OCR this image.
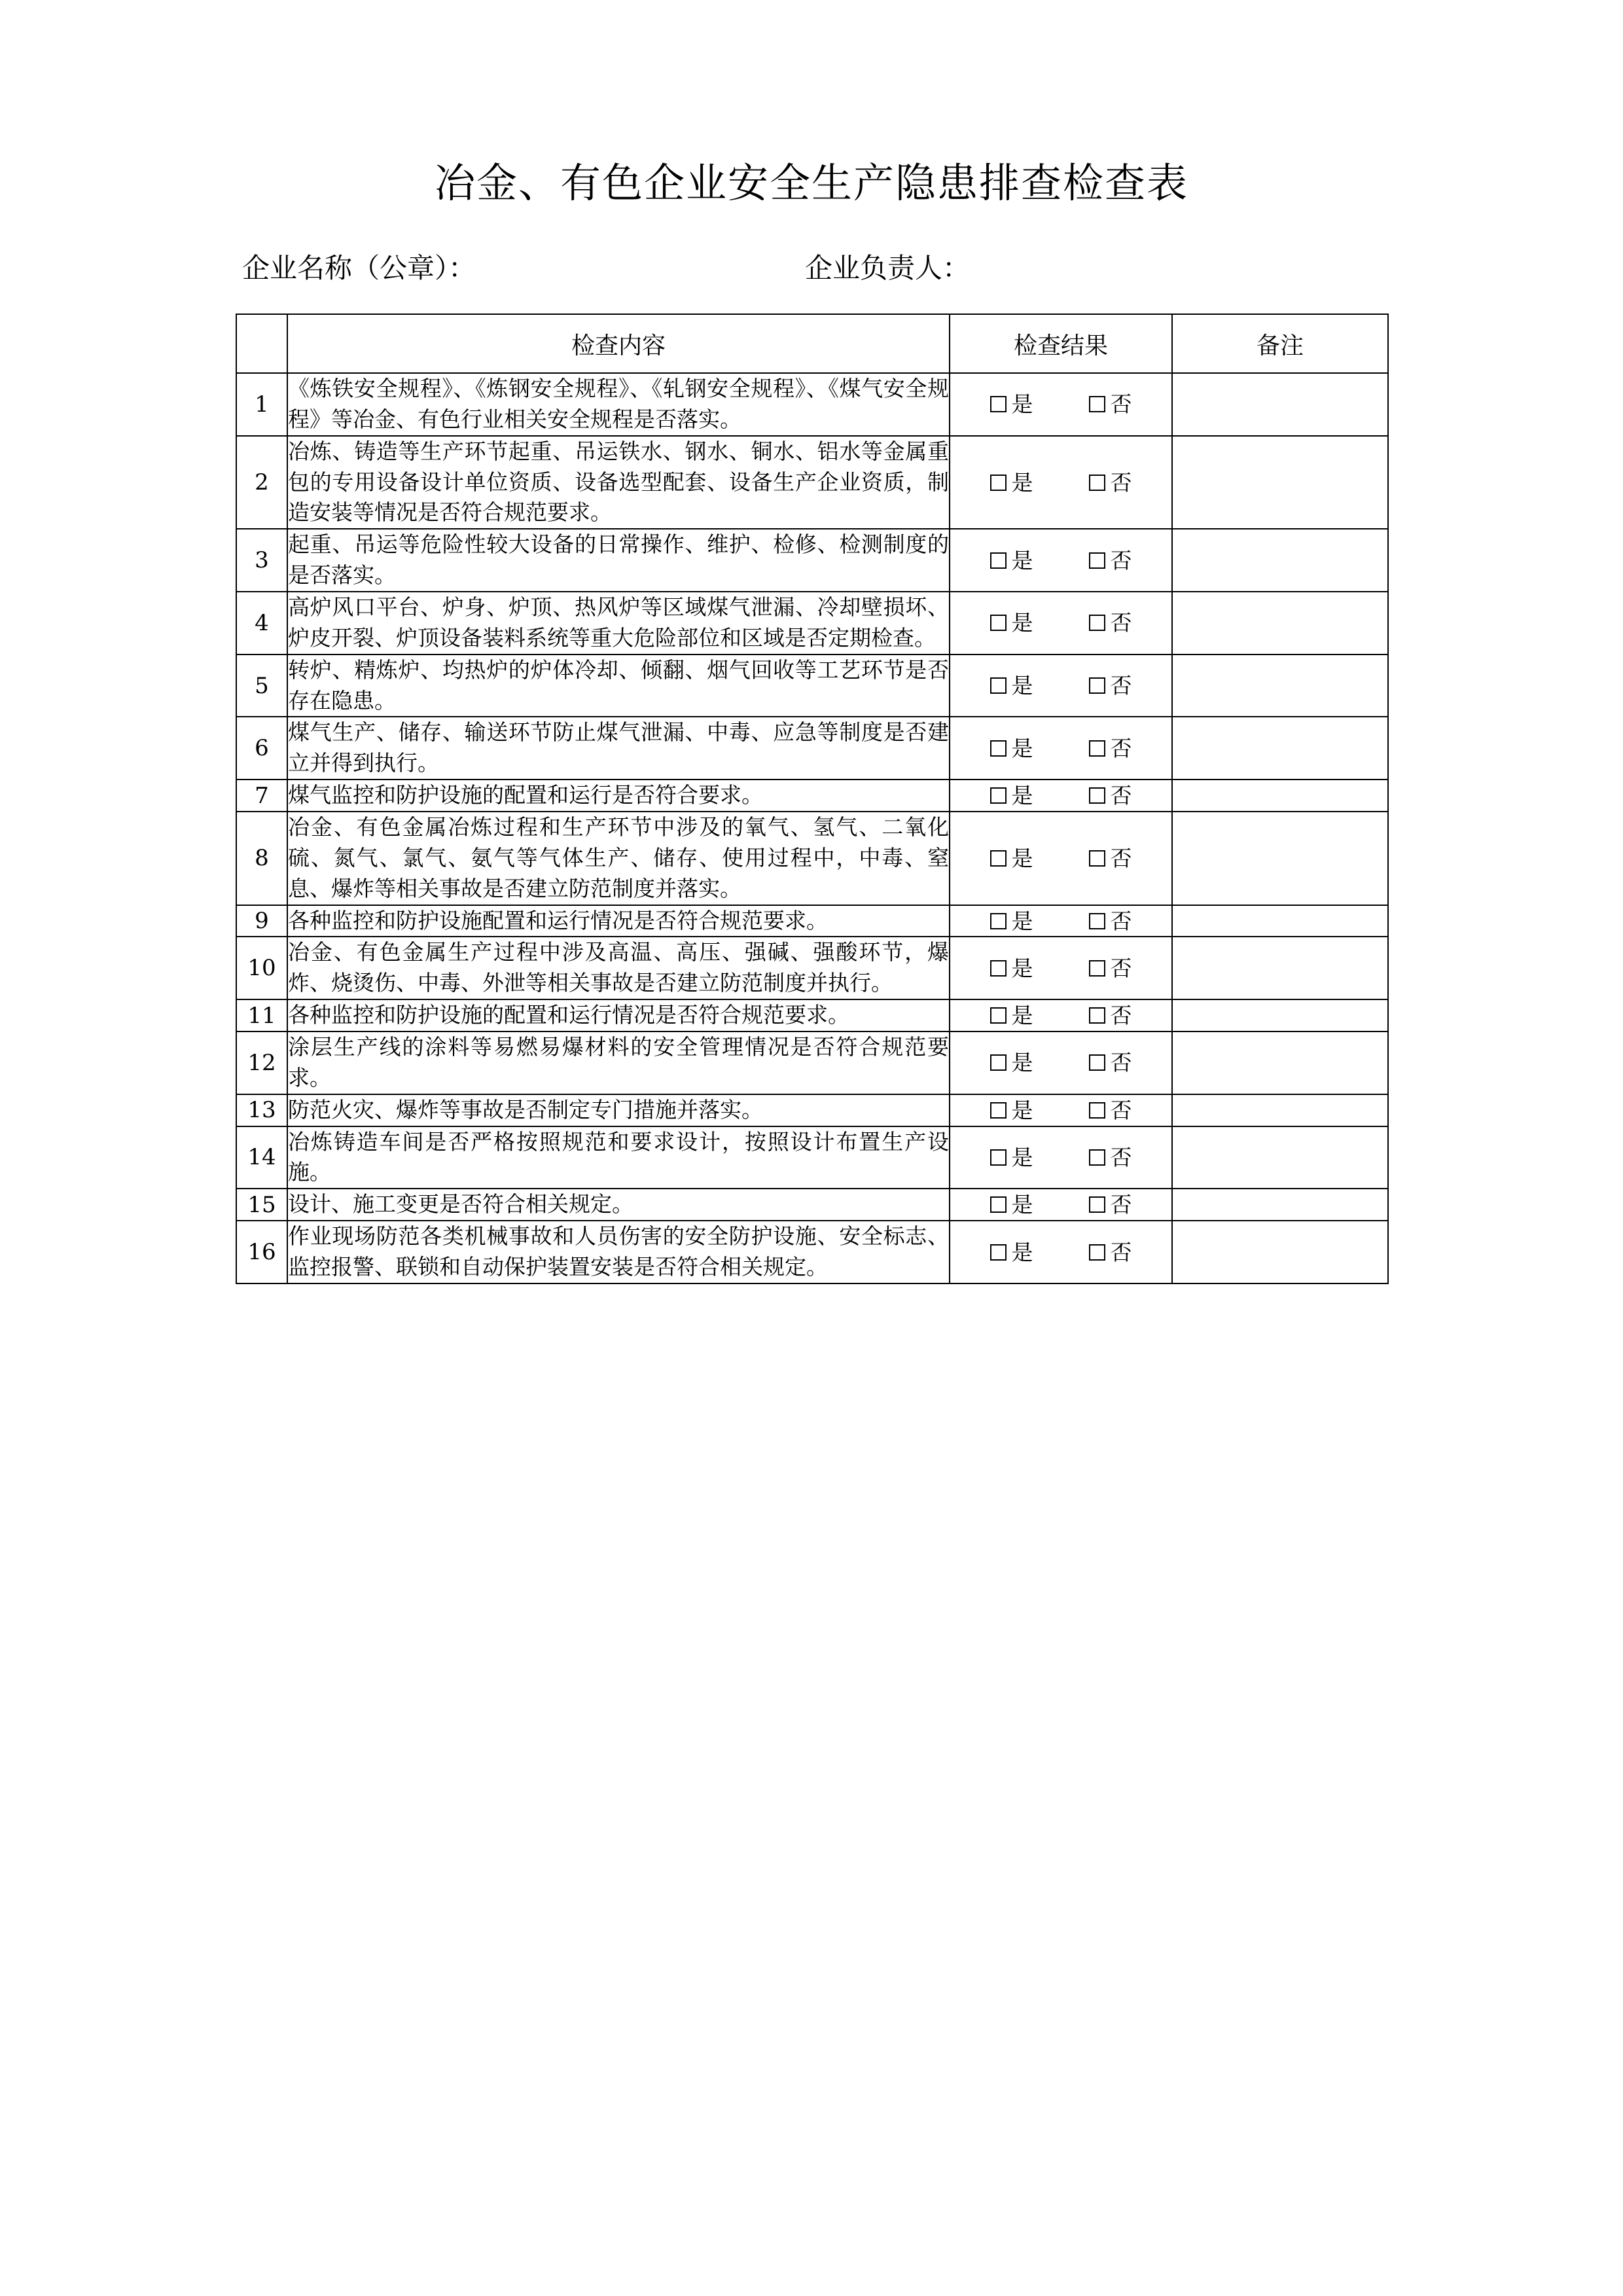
冶金、有色企业安全生产隐患排查检查表
企业名称（公章）：	企业负责人：
	检查内容	检查结果	备注
1	《炼铁安全规程》、《炼钢安全规程》、《轧钢安全规程》、《煤气安全规程》等冶金、有色行业相关安全规程是否落实。	是 否	

2	冶炼、铸造等生产环节起重、吊运铁水、钢水、铜水、铝水等金属重包的专用设备设计单位资质、设备选型配套、设备生产企业资质，制造安装等情况是否符合规范要求。	是 否	

3	起重、吊运等危险性较大设备的日常操作、维护、检修、检测制度的是否落实。	是 否	

4	高炉风口平台、炉身、炉顶、热风炉等区域煤气泄漏、冷却壁损坏、炉皮开裂、炉顶设备装料系统等重大危险部位和区域是否定期检查。	是 否	

5	转炉、精炼炉、均热炉的炉体冷却、倾翻、烟气回收等工艺环节是否存在隐患。	是 否	

6	煤气生产、储存、输送环节防止煤气泄漏、中毒、应急等制度是否建立并得到执行。	是 否	

7	煤气监控和防护设施的配置和运行是否符合要求。	是 否	

8	冶金、有色金属冶炼过程和生产环节中涉及的氧气、氢气、二氧化硫、氮气、氯气、氨气等气体生产、储存、使用过程中，中毒、窒息、爆炸等相关事故是否建立防范制度并落实。	是 否	

9	各种监控和防护设施配置和运行情况是否符合规范要求。	是 否	

10	冶金、有色金属生产过程中涉及高温、高压、强碱、强酸环节，爆炸、烧烫伤、中毒、外泄等相关事故是否建立防范制度并执行。	是 否	

11	各种监控和防护设施的配置和运行情况是否符合规范要求。	是 否	

12	涂层生产线的涂料等易燃易爆材料的安全管理情况是否符合规范要求。	是 否	

13	防范火灾、爆炸等事故是否制定专门措施并落实。	是 否	

14	冶炼铸造车间是否严格按照规范和要求设计，按照设计布置生产设施。	是 否	

15	设计、施工变更是否符合相关规定。	是 否	

16	作业现场防范各类机械事故和人员伤害的安全防护设施、安全标志、监控报警、联锁和自动保护装置安装是否符合相关规定。	是 否	
